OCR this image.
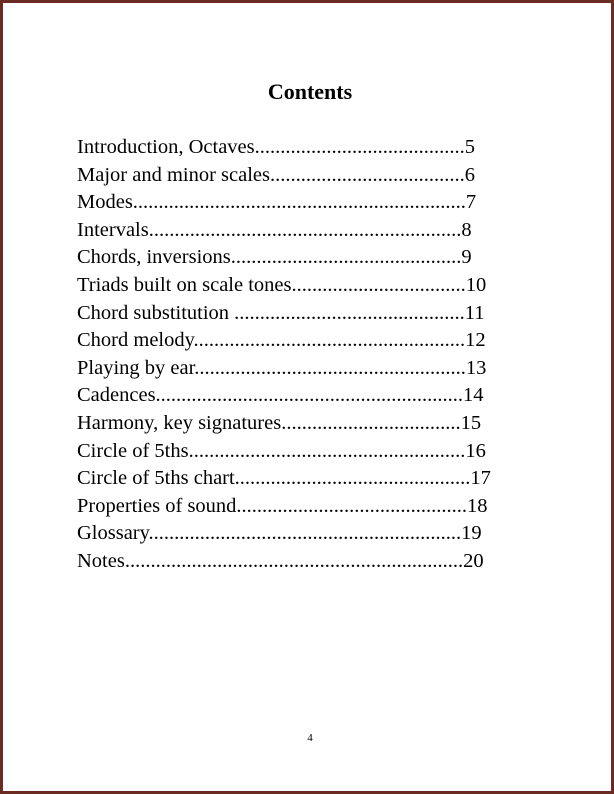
Contents
Introduction, Octaves.........................................5
Major and minor scales......................................6
Modes.................................................................7
Intervals.............................................................8
Chords, inversions.............................................9
Triads built on scale tones..................................10
Chord substitution .............................................11
Chord melody.....................................................12
Playing by ear.....................................................13
Cadences............................................................14
Harmony, key signatures...................................15
Circle of 5ths......................................................16
Circle of 5ths chart..............................................17
Properties of sound.............................................18
Glossary.............................................................19
Notes..................................................................20
4
